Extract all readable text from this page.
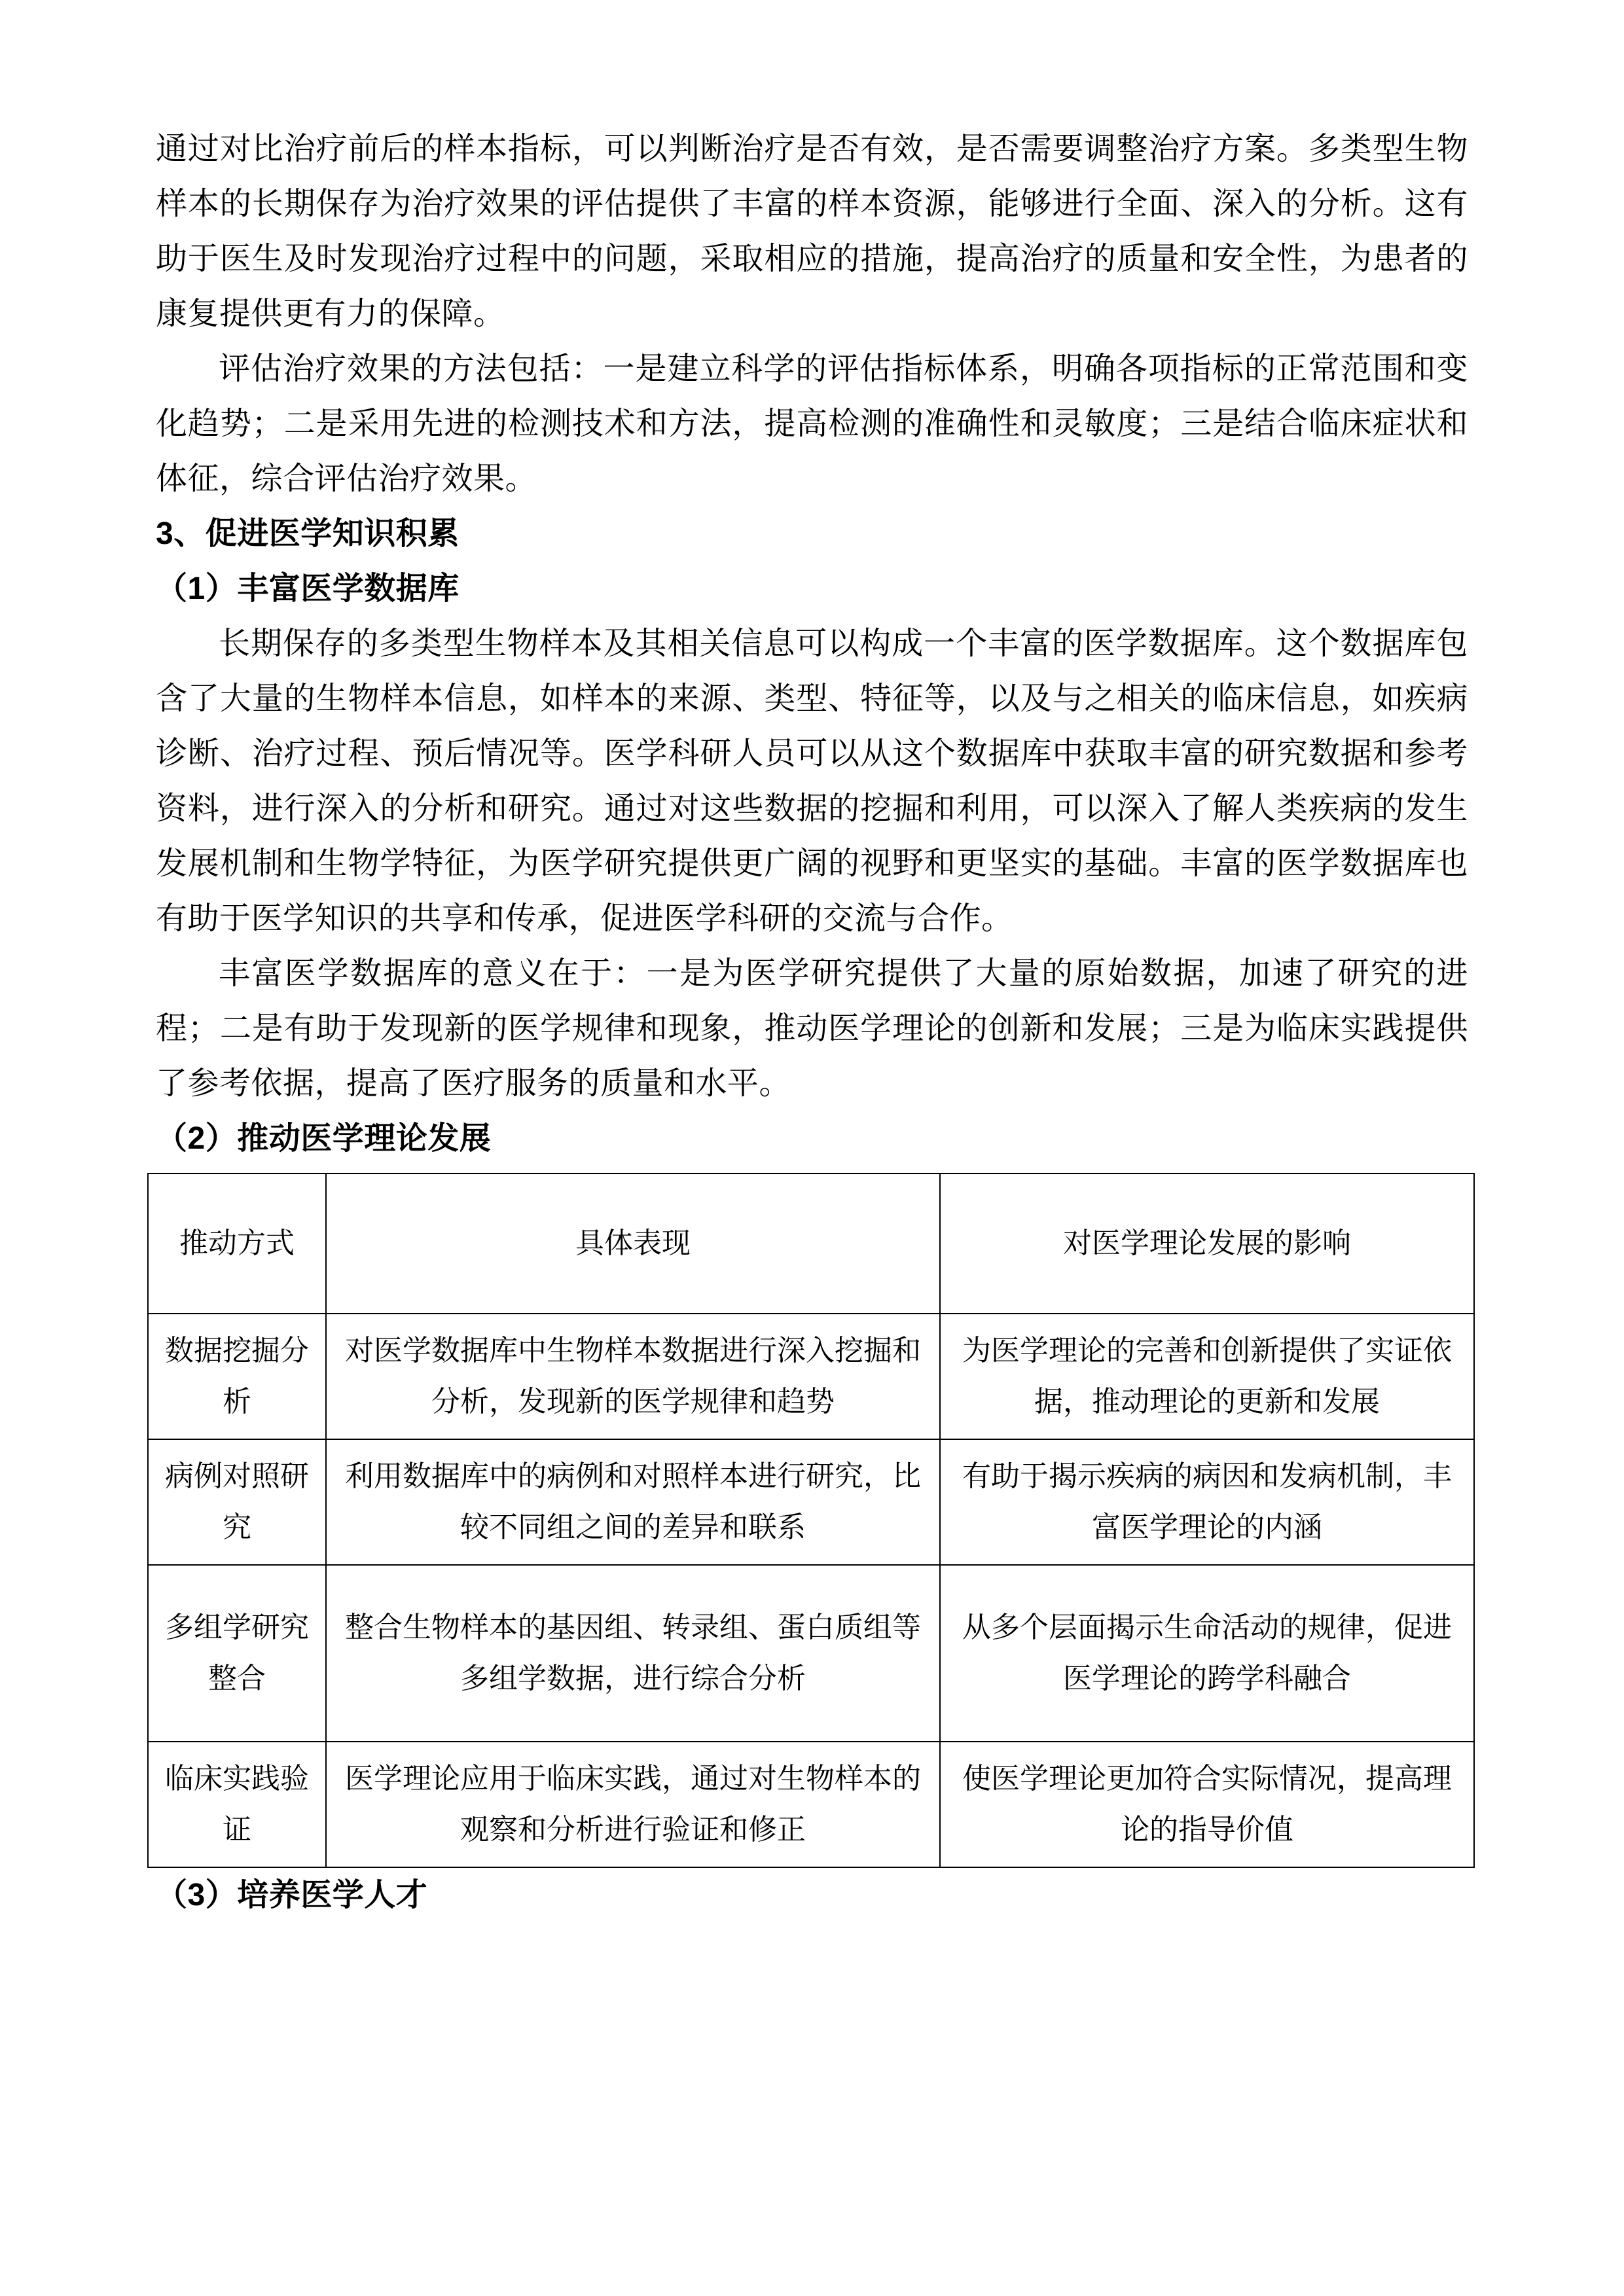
通过对比治疗前后的样本指标，可以判断治疗是否有效，是否需要调整治疗方案。多类型生物样本的长期保存为治疗效果的评估提供了丰富的样本资源，能够进行全面、深入的分析。这有助于医生及时发现治疗过程中的问题，采取相应的措施，提高治疗的质量和安全性，为患者的康复提供更有力的保障。

评估治疗效果的方法包括：一是建立科学的评估指标体系，明确各项指标的正常范围和变化趋势；二是采用先进的检测技术和方法，提高检测的准确性和灵敏度；三是结合临床症状和体征，综合评估治疗效果。

3、促进医学知识积累
（1）丰富医学数据库

长期保存的多类型生物样本及其相关信息可以构成一个丰富的医学数据库。这个数据库包含了大量的生物样本信息，如样本的来源、类型、特征等，以及与之相关的临床信息，如疾病诊断、治疗过程、预后情况等。医学科研人员可以从这个数据库中获取丰富的研究数据和参考资料，进行深入的分析和研究。通过对这些数据的挖掘和利用，可以深入了解人类疾病的发生发展机制和生物学特征，为医学研究提供更广阔的视野和更坚实的基础。丰富的医学数据库也有助于医学知识的共享和传承，促进医学科研的交流与合作。

丰富医学数据库的意义在于：一是为医学研究提供了大量的原始数据，加速了研究的进程；二是有助于发现新的医学规律和现象，推动医学理论的创新和发展；三是为临床实践提供了参考依据，提高了医疗服务的质量和水平。

（2）推动医学理论发展
推动方式	具体表现	对医学理论发展的影响
数据挖掘分析	对医学数据库中生物样本数据进行深入挖掘和分析，发现新的医学规律和趋势	为医学理论的完善和创新提供了实证依据，推动理论的更新和发展
病例对照研究	利用数据库中的病例和对照样本进行研究，比较不同组之间的差异和联系	有助于揭示疾病的病因和发病机制，丰富医学理论的内涵
多组学研究整合	整合生物样本的基因组、转录组、蛋白质组等多组学数据，进行综合分析	从多个层面揭示生命活动的规律，促进医学理论的跨学科融合
临床实践验证	医学理论应用于临床实践，通过对生物样本的观察和分析进行验证和修正	使医学理论更加符合实际情况，提高理论的指导价值
（3）培养医学人才
